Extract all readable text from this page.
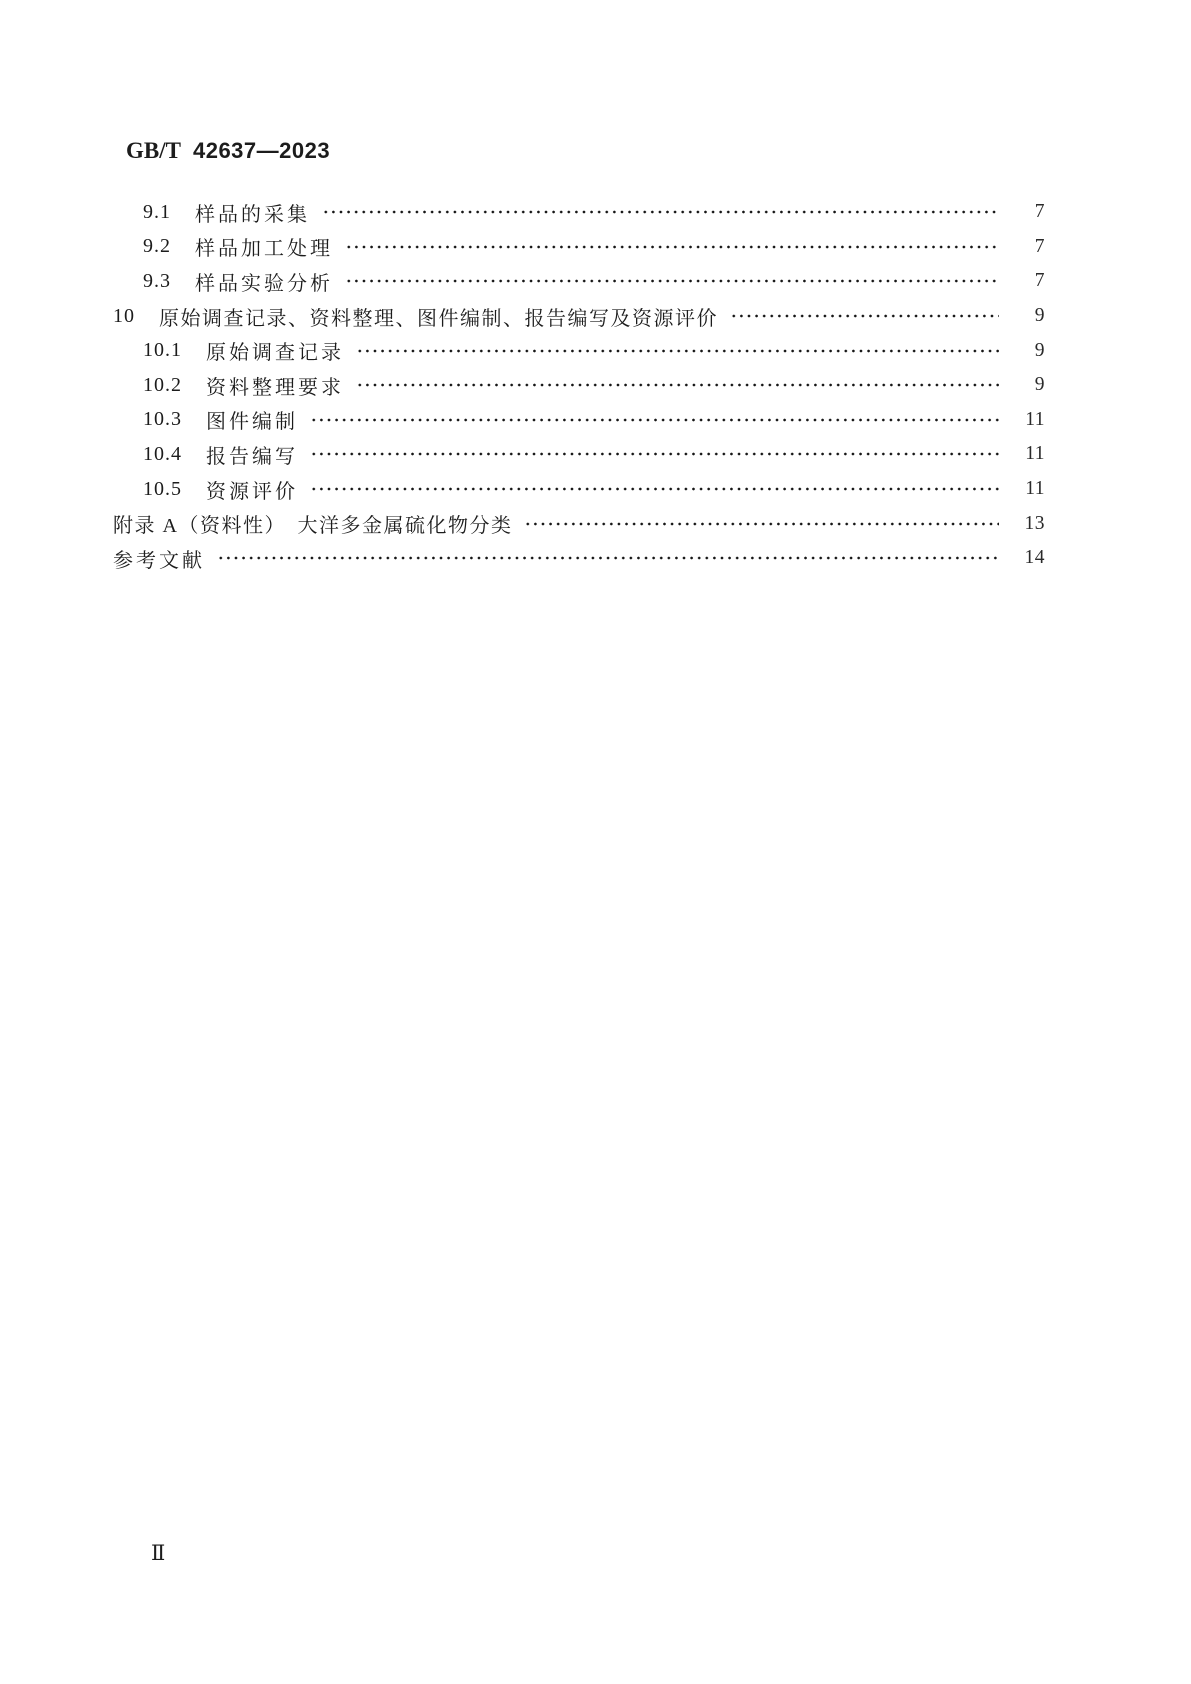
GB/T 42637—2023
9.1 样品的采集	7
9.2 样品加工处理	7
9.3 样品实验分析	7
10 原始调查记录、资料整理、图件编制、报告编写及资源评价	9
10.1 原始调查记录	9
10.2 资料整理要求	9
10.3 图件编制	11
10.4 报告编写	11
10.5 资源评价	11
附录 A（资料性）　大洋多金属硫化物分类	13
参考文献	14
Ⅱ
